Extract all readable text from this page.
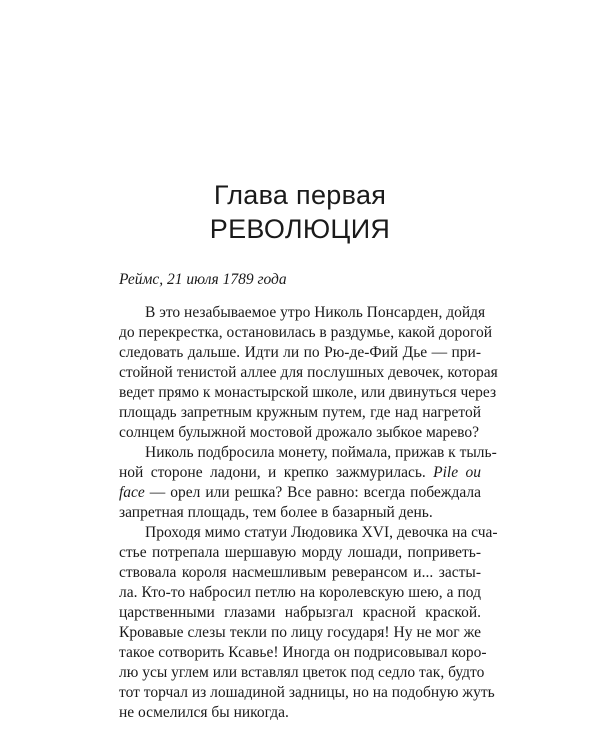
Глава первая
РЕВОЛЮЦИЯ
Реймс, 21 июля 1789 года
В это незабываемое утро Николь Понсарден, дойдя
до перекрестка, остановилась в раздумье, какой дорогой
следовать дальше. Идти ли по Рю-де-Фий Дье — при-
стойной тенистой аллее для послушных девочек, которая
ведет прямо к монастырской школе, или двинуться через
площадь запретным кружным путем, где над нагретой
солнцем булыжной мостовой дрожало зыбкое марево?
Николь подбросила монету, поймала, прижав к тыль-
ной стороне ладони, и крепко зажмурилась. Pile ou
face — орел или решка? Все равно: всегда побеждала
запретная площадь, тем более в базарный день.
Проходя мимо статуи Людовика XVI, девочка на сча-
стье потрепала шершавую морду лошади, поприветь-
ствовала короля насмешливым реверансом и... засты-
ла. Кто-то набросил петлю на королевскую шею, а под
царственными глазами набрызгал красной краской.
Кровавые слезы текли по лицу государя! Ну не мог же
такое сотворить Ксавье! Иногда он подрисовывал коро-
лю усы углем или вставлял цветок под седло так, будто
тот торчал из лошадиной задницы, но на подобную жуть
не осмелился бы никогда.
